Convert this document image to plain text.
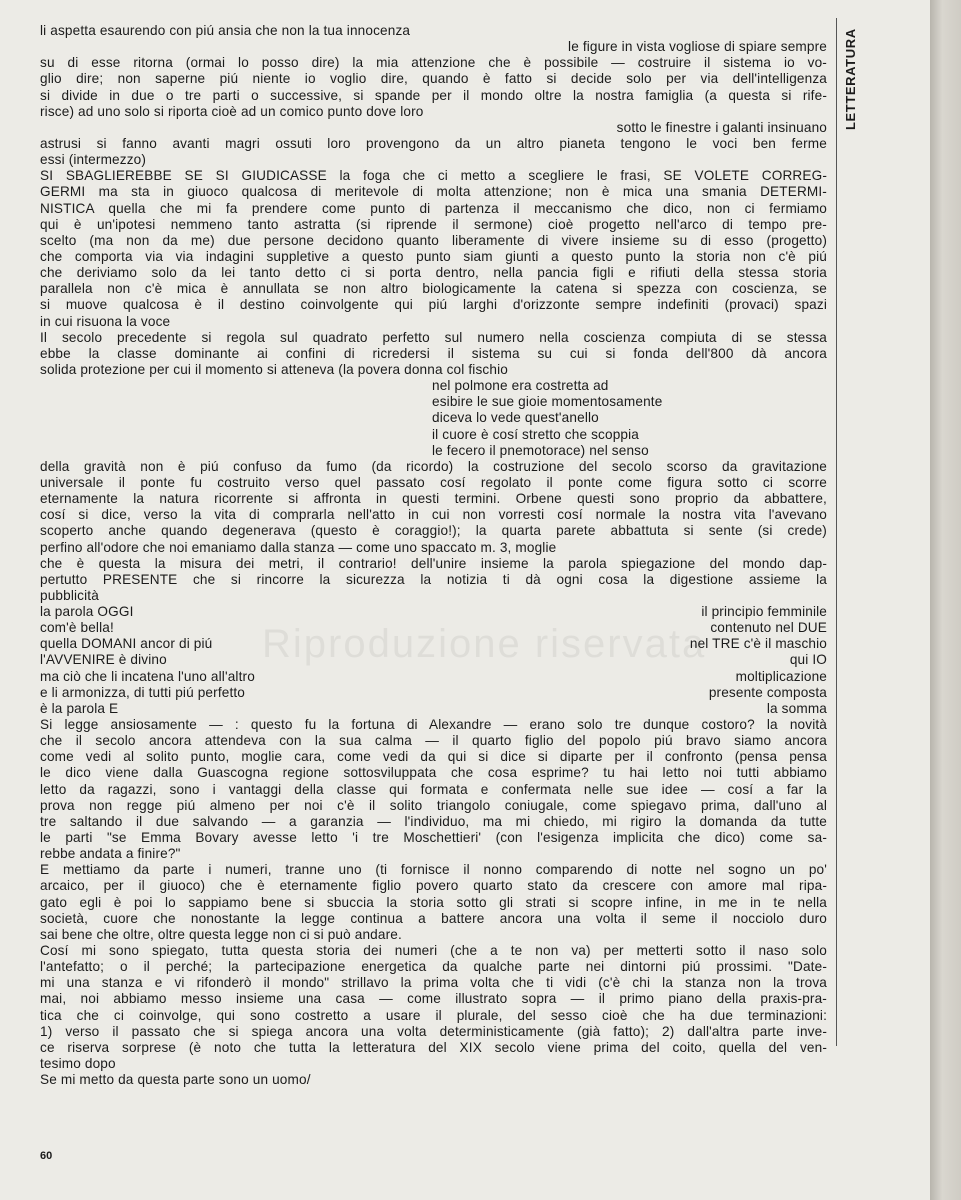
Riproduzione riservata
LETTERATURA
li aspetta esaurendo con piú ansia che non la tua innocenza
le figure in vista vogliose di spiare sempre
su di esse ritorna (ormai lo posso dire) la mia attenzione che è possibile — costruire il sistema io vo-
glio dire; non saperne piú niente io voglio dire, quando è fatto si decide solo per via dell'intelligenza
si divide in due o tre parti o successive, si spande per il mondo oltre la nostra famiglia (a questa si rife-
risce) ad uno solo si riporta cioè ad un comico punto dove loro
sotto le finestre i galanti insinuano
astrusi si fanno avanti magri ossuti loro provengono da un altro pianeta tengono le voci ben ferme
essi (intermezzo)
SI SBAGLIEREBBE SE SI GIUDICASSE la foga che ci metto a scegliere le frasi, SE VOLETE CORREG-
GERMI ma sta in giuoco qualcosa di meritevole di molta attenzione; non è mica una smania DETERMI-
NISTICA quella che mi fa prendere come punto di partenza il meccanismo che dico, non ci fermiamo
qui è un'ipotesi nemmeno tanto astratta (si riprende il sermone) cioè progetto nell'arco di tempo pre-
scelto (ma non da me) due persone decidono quanto liberamente di vivere insieme su di esso (progetto)
che comporta via via indagini suppletive a questo punto siam giunti a questo punto la storia non c'è piú
che deriviamo solo da lei tanto detto ci si porta dentro, nella pancia figli e rifiuti della stessa storia
parallela non c'è mica è annullata se non altro biologicamente la catena si spezza con coscienza, se
si muove qualcosa è il destino coinvolgente qui piú larghi d'orizzonte sempre indefiniti (provaci) spazi
in cui risuona la voce
Il secolo precedente si regola sul quadrato perfetto sul numero nella coscienza compiuta di se stessa
ebbe la classe dominante ai confini di ricredersi il sistema su cui si fonda dell'800 dà ancora
solida protezione per cui il momento si atteneva (la povera donna col fischio
nel polmone era costretta ad
esibire le sue gioie momentosamente
diceva lo vede quest'anello
il cuore è cosí stretto che scoppia
le fecero il pnemotorace) nel senso
della gravità non è piú confuso da fumo (da ricordo) la costruzione del secolo scorso da gravitazione
universale il ponte fu costruito verso quel passato cosí regolato il ponte come figura sotto ci scorre
eternamente la natura ricorrente si affronta in questi termini. Orbene questi sono proprio da abbattere,
cosí si dice, verso la vita di comprarla nell'atto in cui non vorresti cosí normale la nostra vita l'avevano
scoperto anche quando degenerava (questo è coraggio!); la quarta parete abbattuta si sente (si crede)
perfino all'odore che noi emaniamo dalla stanza — come uno spaccato m. 3, moglie
che è questa la misura dei metri, il contrario! dell'unire insieme la parola spiegazione del mondo dap-
pertutto PRESENTE che si rincorre la sicurezza la notizia ti dà ogni cosa la digestione assieme la
pubblicità
la parola OGGI	il principio femminile
com'è bella!	contenuto nel DUE
quella DOMANI ancor di piú	nel TRE c'è il maschio
l'AVVENIRE è divino	qui IO
ma ciò che li incatena l'uno all'altro	moltiplicazione
e li armonizza, di tutti piú perfetto	presente composta
è la parola E	la somma
Si legge ansiosamente — : questo fu la fortuna di Alexandre — erano solo tre dunque costoro? la novità
che il secolo ancora attendeva con la sua calma — il quarto figlio del popolo piú bravo siamo ancora
come vedi al solito punto, moglie cara, come vedi da qui si dice si diparte per il confronto (pensa pensa
le dico viene dalla Guascogna regione sottosviluppata che cosa esprime? tu hai letto noi tutti abbiamo
letto da ragazzi, sono i vantaggi della classe qui formata e confermata nelle sue idee — cosí a far la
prova non regge piú almeno per noi c'è il solito triangolo coniugale, come spiegavo prima, dall'uno al
tre saltando il due salvando — a garanzia — l'individuo, ma mi chiedo, mi rigiro la domanda da tutte
le parti "se Emma Bovary avesse letto 'i tre Moschettieri' (con l'esigenza implicita che dico) come sa-
rebbe andata a finire?"
E mettiamo da parte i numeri, tranne uno (ti fornisce il nonno comparendo di notte nel sogno un po'
arcaico, per il giuoco) che è eternamente figlio povero quarto stato da crescere con amore mal ripa-
gato egli è poi lo sappiamo bene si sbuccia la storia sotto gli strati si scopre infine, in me in te nella
società, cuore che nonostante la legge continua a battere ancora una volta il seme il nocciolo duro
sai bene che oltre, oltre questa legge non ci si può andare.
Cosí mi sono spiegato, tutta questa storia dei numeri (che a te non va) per metterti sotto il naso solo
l'antefatto; o il perché; la partecipazione energetica da qualche parte nei dintorni piú prossimi. "Date-
mi una stanza e vi rifonderò il mondo" strillavo la prima volta che ti vidi (c'è chi la stanza non la trova
mai, noi abbiamo messo insieme una casa — come illustrato sopra — il primo piano della praxis-pra-
tica che ci coinvolge, qui sono costretto a usare il plurale, del sesso cioè che ha due terminazioni:
1) verso il passato che si spiega ancora una volta deterministicamente (già fatto); 2) dall'altra parte inve-
ce riserva sorprese (è noto che tutta la letteratura del XIX secolo viene prima del coito, quella del ven-
tesimo dopo
Se mi metto da questa parte sono un uomo/
60
